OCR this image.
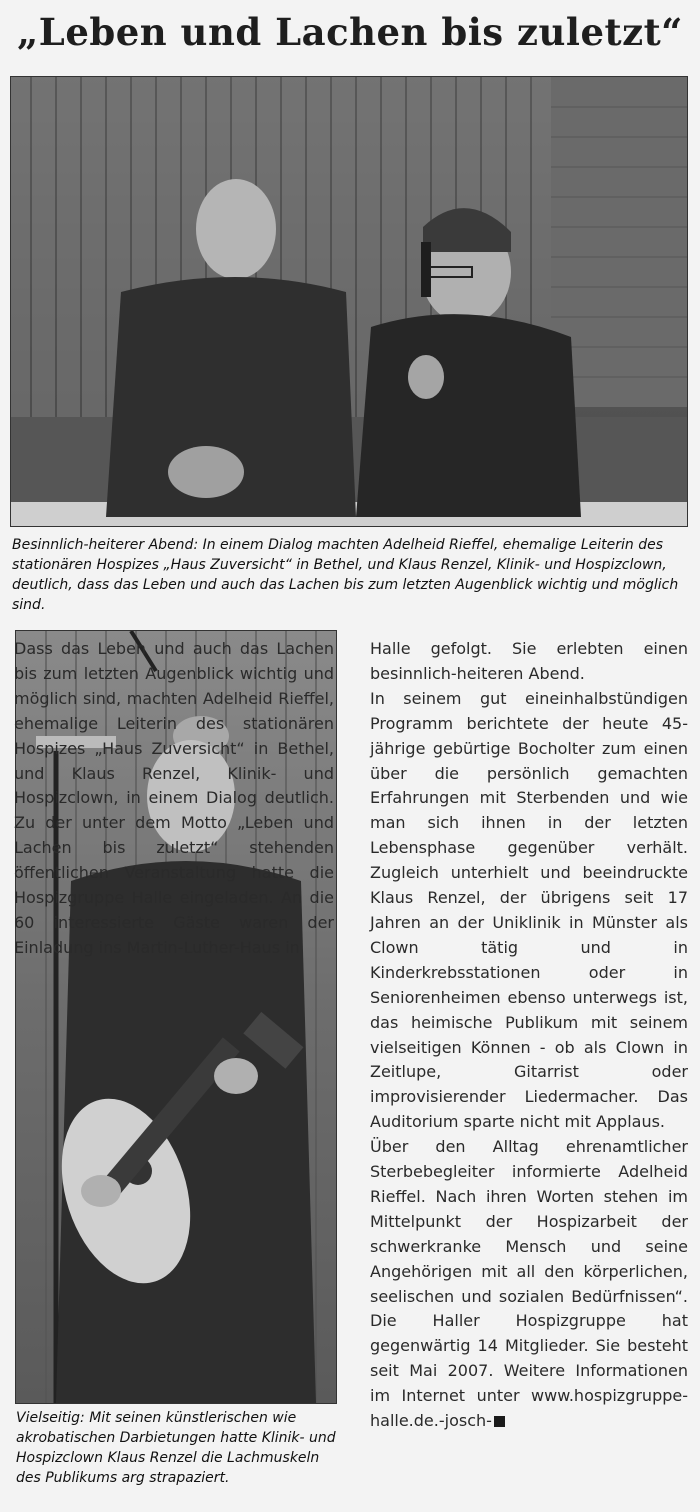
„Leben und Lachen bis zuletzt“
Besinnlich-heiterer Abend: In einem Dialog machten Adelheid Rieffel, ehemalige Leiterin des stationären Hospizes „Haus Zuversicht“ in Bethel, und Klaus Renzel, Klinik- und Hospizclown, deutlich, dass das Leben und auch das Lachen bis zum letzten Augenblick wichtig und möglich sind.
Vielseitig: Mit seinen künstlerischen wie akrobatischen Darbietungen hatte Klinik- und Hospizclown Klaus Renzel die Lachmuskeln des Publikums arg strapaziert.

Dass das Leben und auch das Lachen bis zum letzten Augenblick wichtig und möglich sind, machten Adelheid Rieffel, ehemalige Leiterin des stationären Hospizes „Haus Zuversicht“ in Bethel, und Klaus Renzel, Klinik- und Hospizclown, in einem Dialog deutlich. Zu der unter dem Motto „Leben und Lachen bis zuletzt“ stehenden öffentlichen Veranstaltung hatte die Hospizgruppe Halle eingeladen. An die 60 interessierte Gäste waren der Einladung ins Martin-Luther-Haus in

Halle gefolgt. Sie erlebten einen besinnlich-heiteren Abend.

In seinem gut eineinhalbstündigen Programm berichtete der heute 45-jährige gebürtige Bocholter zum einen über die persönlich gemachten Erfahrungen mit Sterbenden und wie man sich ihnen in der letzten Lebensphase gegenüber verhält. Zugleich unterhielt und beeindruckte Klaus Renzel, der übrigens seit 17 Jahren an der Uniklinik in Münster als Clown tätig und in Kinderkrebsstationen oder in Seniorenheimen ebenso unterwegs ist, das heimische Publikum mit seinem vielseitigen Können - ob als Clown in Zeitlupe, Gitarrist oder improvisierender Liedermacher. Das Auditorium sparte nicht mit Applaus.

Über den Alltag ehrenamtlicher Sterbebegleiter informierte Adelheid Rieffel. Nach ihren Worten stehen im Mittelpunkt der Hospizarbeit der schwerkranke Mensch und seine Angehörigen mit all den körperlichen, seelischen und sozialen Bedürfnissen“. Die Haller Hospizgruppe hat gegenwärtig 14 Mitglieder. Sie besteht seit Mai 2007. Weitere Informationen im Internet unter www.hospizgruppe-halle.de.-josch-
